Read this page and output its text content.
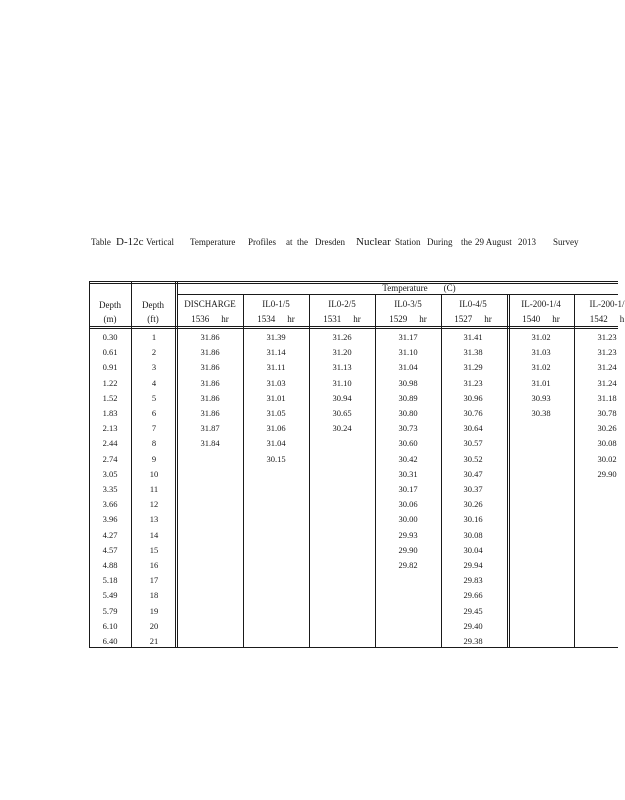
Table D-12c Vertical Temperature Profiles at the Dresden Nuclear Station During the 29 August 2013 Survey
Temperature (C)
Depth
(m)
Depth
(ft)
DISCHARGE
1536 hr
IL0-1/5
1534 hr
IL0-2/5
1531 hr
IL0-3/5
1529 hr
IL0-4/5
1527 hr
IL-200-1/4
1540 hr
IL-200-1/
1542 h
0.30
0.61
0.91
1.22
1.52
1.83
2.13
2.44
2.74
3.05
3.35
3.66
3.96
4.27
4.57
4.88
5.18
5.49
5.79
6.10
6.40
1
2
3
4
5
6
7
8
9
10
11
12
13
14
15
16
17
18
19
20
21
31.86
31.86
31.86
31.86
31.86
31.86
31.87
31.84
31.39
31.14
31.11
31.03
31.01
31.05
31.06
31.04
30.15
31.26
31.20
31.13
31.10
30.94
30.65
30.24
31.17
31.10
31.04
30.98
30.89
30.80
30.73
30.60
30.42
30.31
30.17
30.06
30.00
29.93
29.90
29.82
31.41
31.38
31.29
31.23
30.96
30.76
30.64
30.57
30.52
30.47
30.37
30.26
30.16
30.08
30.04
29.94
29.83
29.66
29.45
29.40
29.38
31.02
31.03
31.02
31.01
30.93
30.38
31.23
31.23
31.24
31.24
31.18
30.78
30.26
30.08
30.02
29.90
